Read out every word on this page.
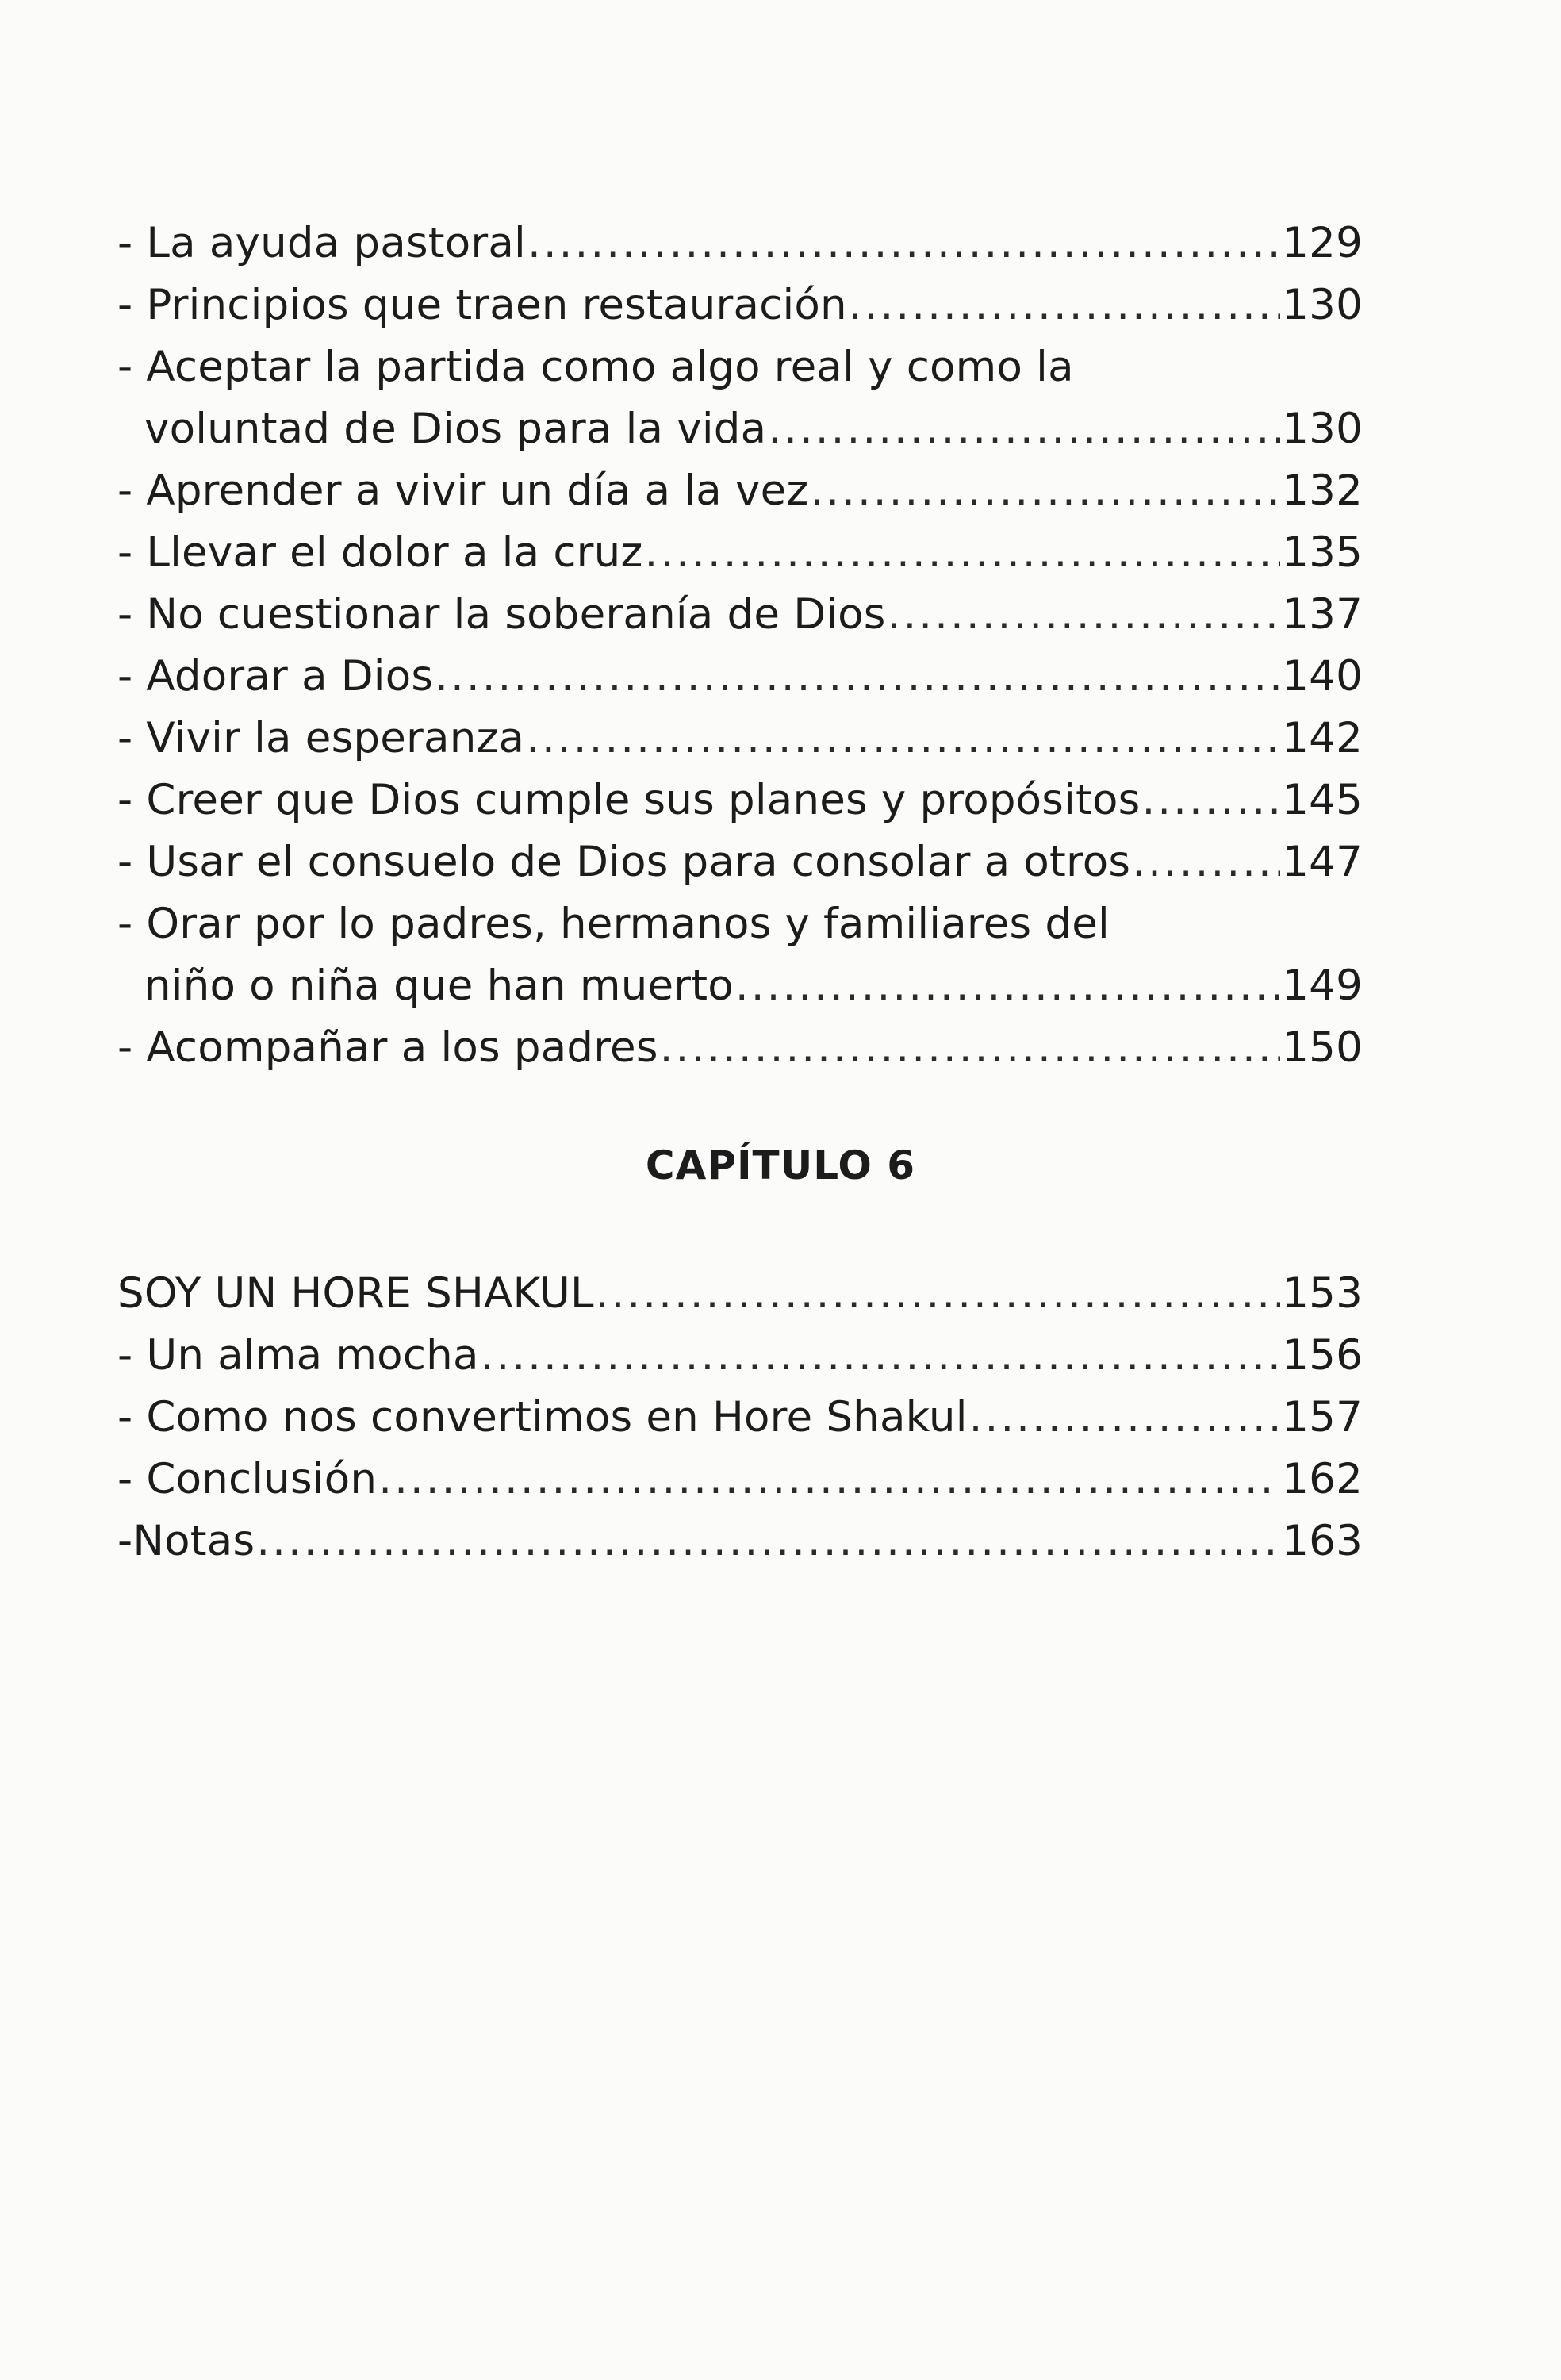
- La ayuda pastoral .....	129
- Principios que traen restauración .....	130
- Aceptar la partida como algo real y como la
voluntad de Dios para la vida .....	130
- Aprender a vivir un día a la vez .....	132
- Llevar el dolor a la cruz .....	135
- No cuestionar la soberanía de Dios .....	137
- Adorar a Dios .....	140
- Vivir la esperanza .....	142
- Creer que Dios cumple sus planes y propósitos .....	145
- Usar el consuelo de Dios para consolar a otros .....	147
- Orar por lo padres, hermanos y familiares del
niño o niña que han muerto .....	149
- Acompañar a los padres .....	150
CAPÍTULO 6
SOY UN HORE SHAKUL .....	153
- Un alma mocha .....	156
- Como nos convertimos en Hore Shakul .....	157
- Conclusión .....	162
-Notas .....	163
